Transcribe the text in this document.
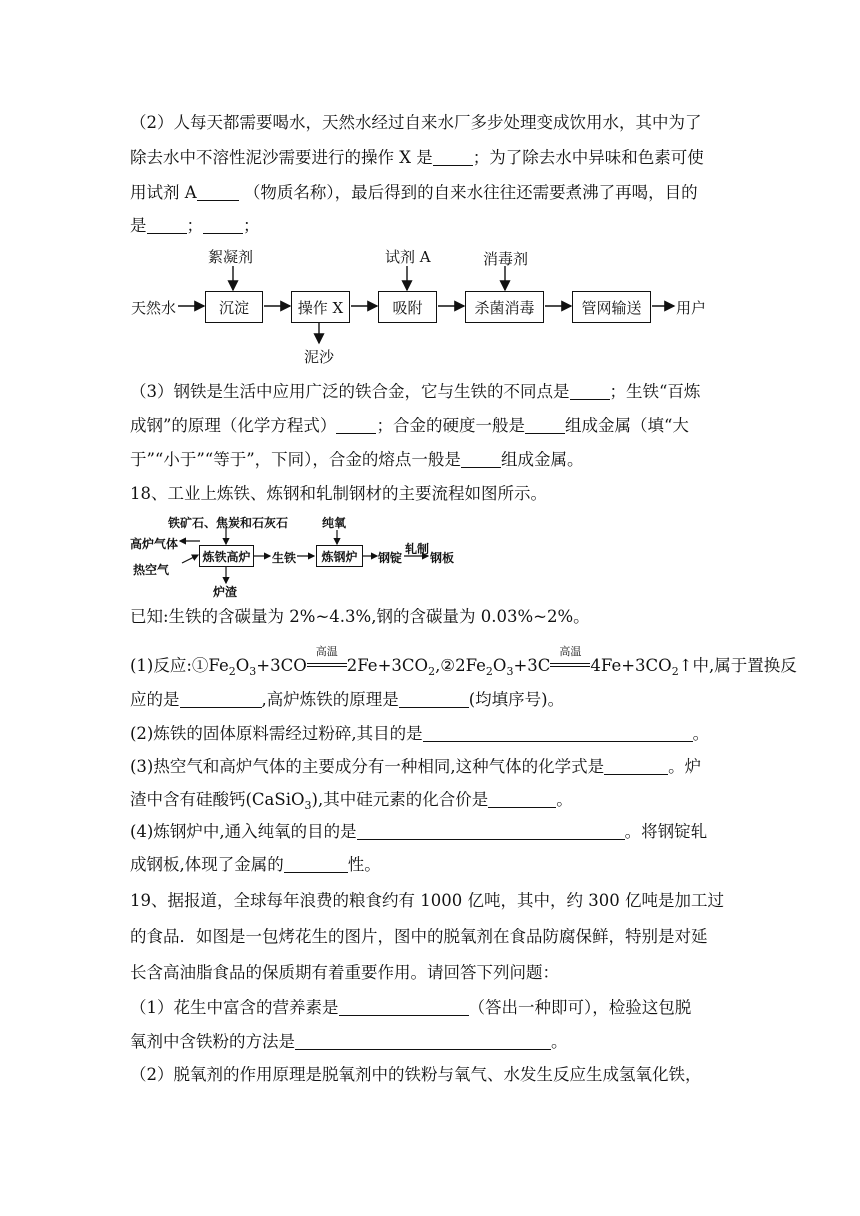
（2）人每天都需要喝水，天然水经过自来水厂多步处理变成饮用水，其中为了
除去水中不溶性泥沙需要进行的操作 X 是 ；为了除去水中异味和色素可使
用试剂 A	（物质名称），最后得到的自来水往往还需要煮沸了再喝，目的
是 ； ；
天然水	沉淀	操作 X	吸附	杀菌消毒	管网输送	用户
絮凝剂	试剂 A	消毒剂
泥沙
（3）钢铁是生活中应用广泛的铁合金，它与生铁的不同点是 ；生铁“百炼
成钢”的原理（化学方程式） ；合金的硬度一般是 组成金属（填“大
于”“小于”“等于”，下同），合金的熔点一般是 组成金属。
18、工业上炼铁、炼钢和轧制钢材的主要流程如图所示。
铁矿石、焦炭和石灰石
高炉气体
热空气
炼铁高炉 生铁
纯氧
炼钢炉	钢锭
轧制
钢板
炉渣
已知:生铁的含碳量为 2%~4.3%,钢的含碳量为 0.03%~2%。
(1)反应$:①Fe_2O_3+3CO$
高温
$2Fe+3CO_2,②2Fe_2O_3+3C$
高温
$4Fe+3CO_2↑$中,属于置换反
应的是	,高炉炼铁的原理是	(均填序号)。
(2)炼铁的固体原料需经过粉碎,其目的是	。
(3)热空气和高炉气体的主要成分有一种相同,这种气体的化学式是	。炉
渣中含有硅酸钙(CaSiO$_3$),其中硅元素的化合价是	。
(4)炼钢炉中,通入纯氧的目的是	。将钢锭轧
成钢板,体现了金属的	性。
19、据报道，全球每年浪费的粮食约有 1000 亿吨，其中，约 300 亿吨是加工过
的食品．如图是一包烤花生的图片，图中的脱氧剂在食品防腐保鲜，特别是对延
长含高油脂食品的保质期有着重要作用。请回答下列问题：
（1）花生中富含的营养素是	（答出一种即可），检验这包脱
氧剂中含铁粉的方法是	。
（2）脱氧剂的作用原理是脱氧剂中的铁粉与氧气、水发生反应生成氢氧化铁，
